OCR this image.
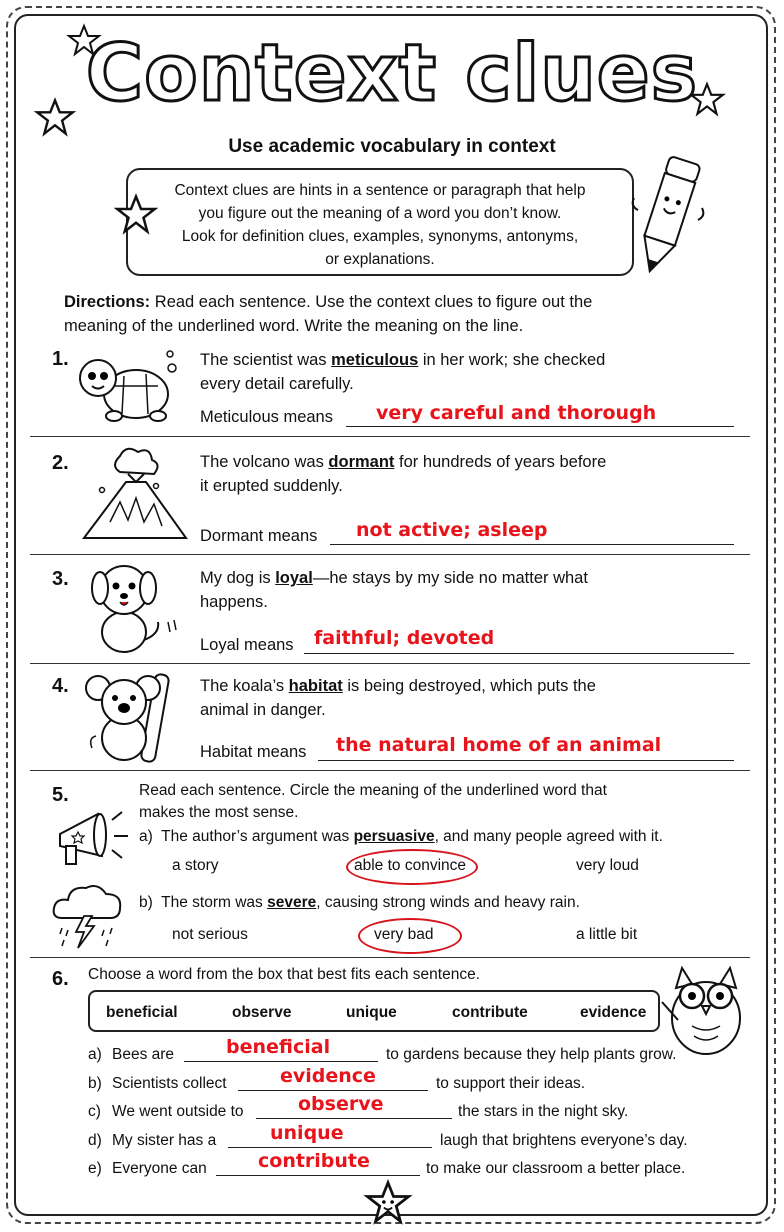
Context clues
Use academic vocabulary in context
Context clues are hints in a sentence or paragraph that help
you figure out the meaning of a word you don’t know.
Look for definition clues, examples, synonyms, antonyms,
or explanations.
Directions: Read each sentence. Use the context clues to figure out the
meaning of the underlined word. Write the meaning on the line.
1.	The scientist was meticulous in her work; she checked
every detail carefully.
Meticulous means very careful and thorough
2.	The volcano was dormant for hundreds of years before
it erupted suddenly.
Dormant means not active; asleep
3.	My dog is loyal—he stays by my side no matter what
happens.
Loyal means faithful; devoted
4.	The koala’s habitat is being destroyed, which puts the
animal in danger.
Habitat means the natural home of an animal
5.	Read each sentence. Circle the meaning of the underlined word that
makes the most sense.
a) The author’s argument was persuasive, and many people agreed with it.
a story	able to convince	very loud
b) The storm was severe, causing strong winds and heavy rain.
not serious	very bad	a little bit
6. Choose a word from the box that best fits each sentence.
beneficial	observe	unique	contribute	evidence
a) Bees are	beneficial	to gardens because they help plants grow.
b) Scientists collect	evidence	to support their ideas.
c) We went outside to	observe	the stars in the night sky.
d) My sister has a	unique	laugh that brightens everyone’s day.
e) Everyone can	contribute	to make our classroom a better place.
